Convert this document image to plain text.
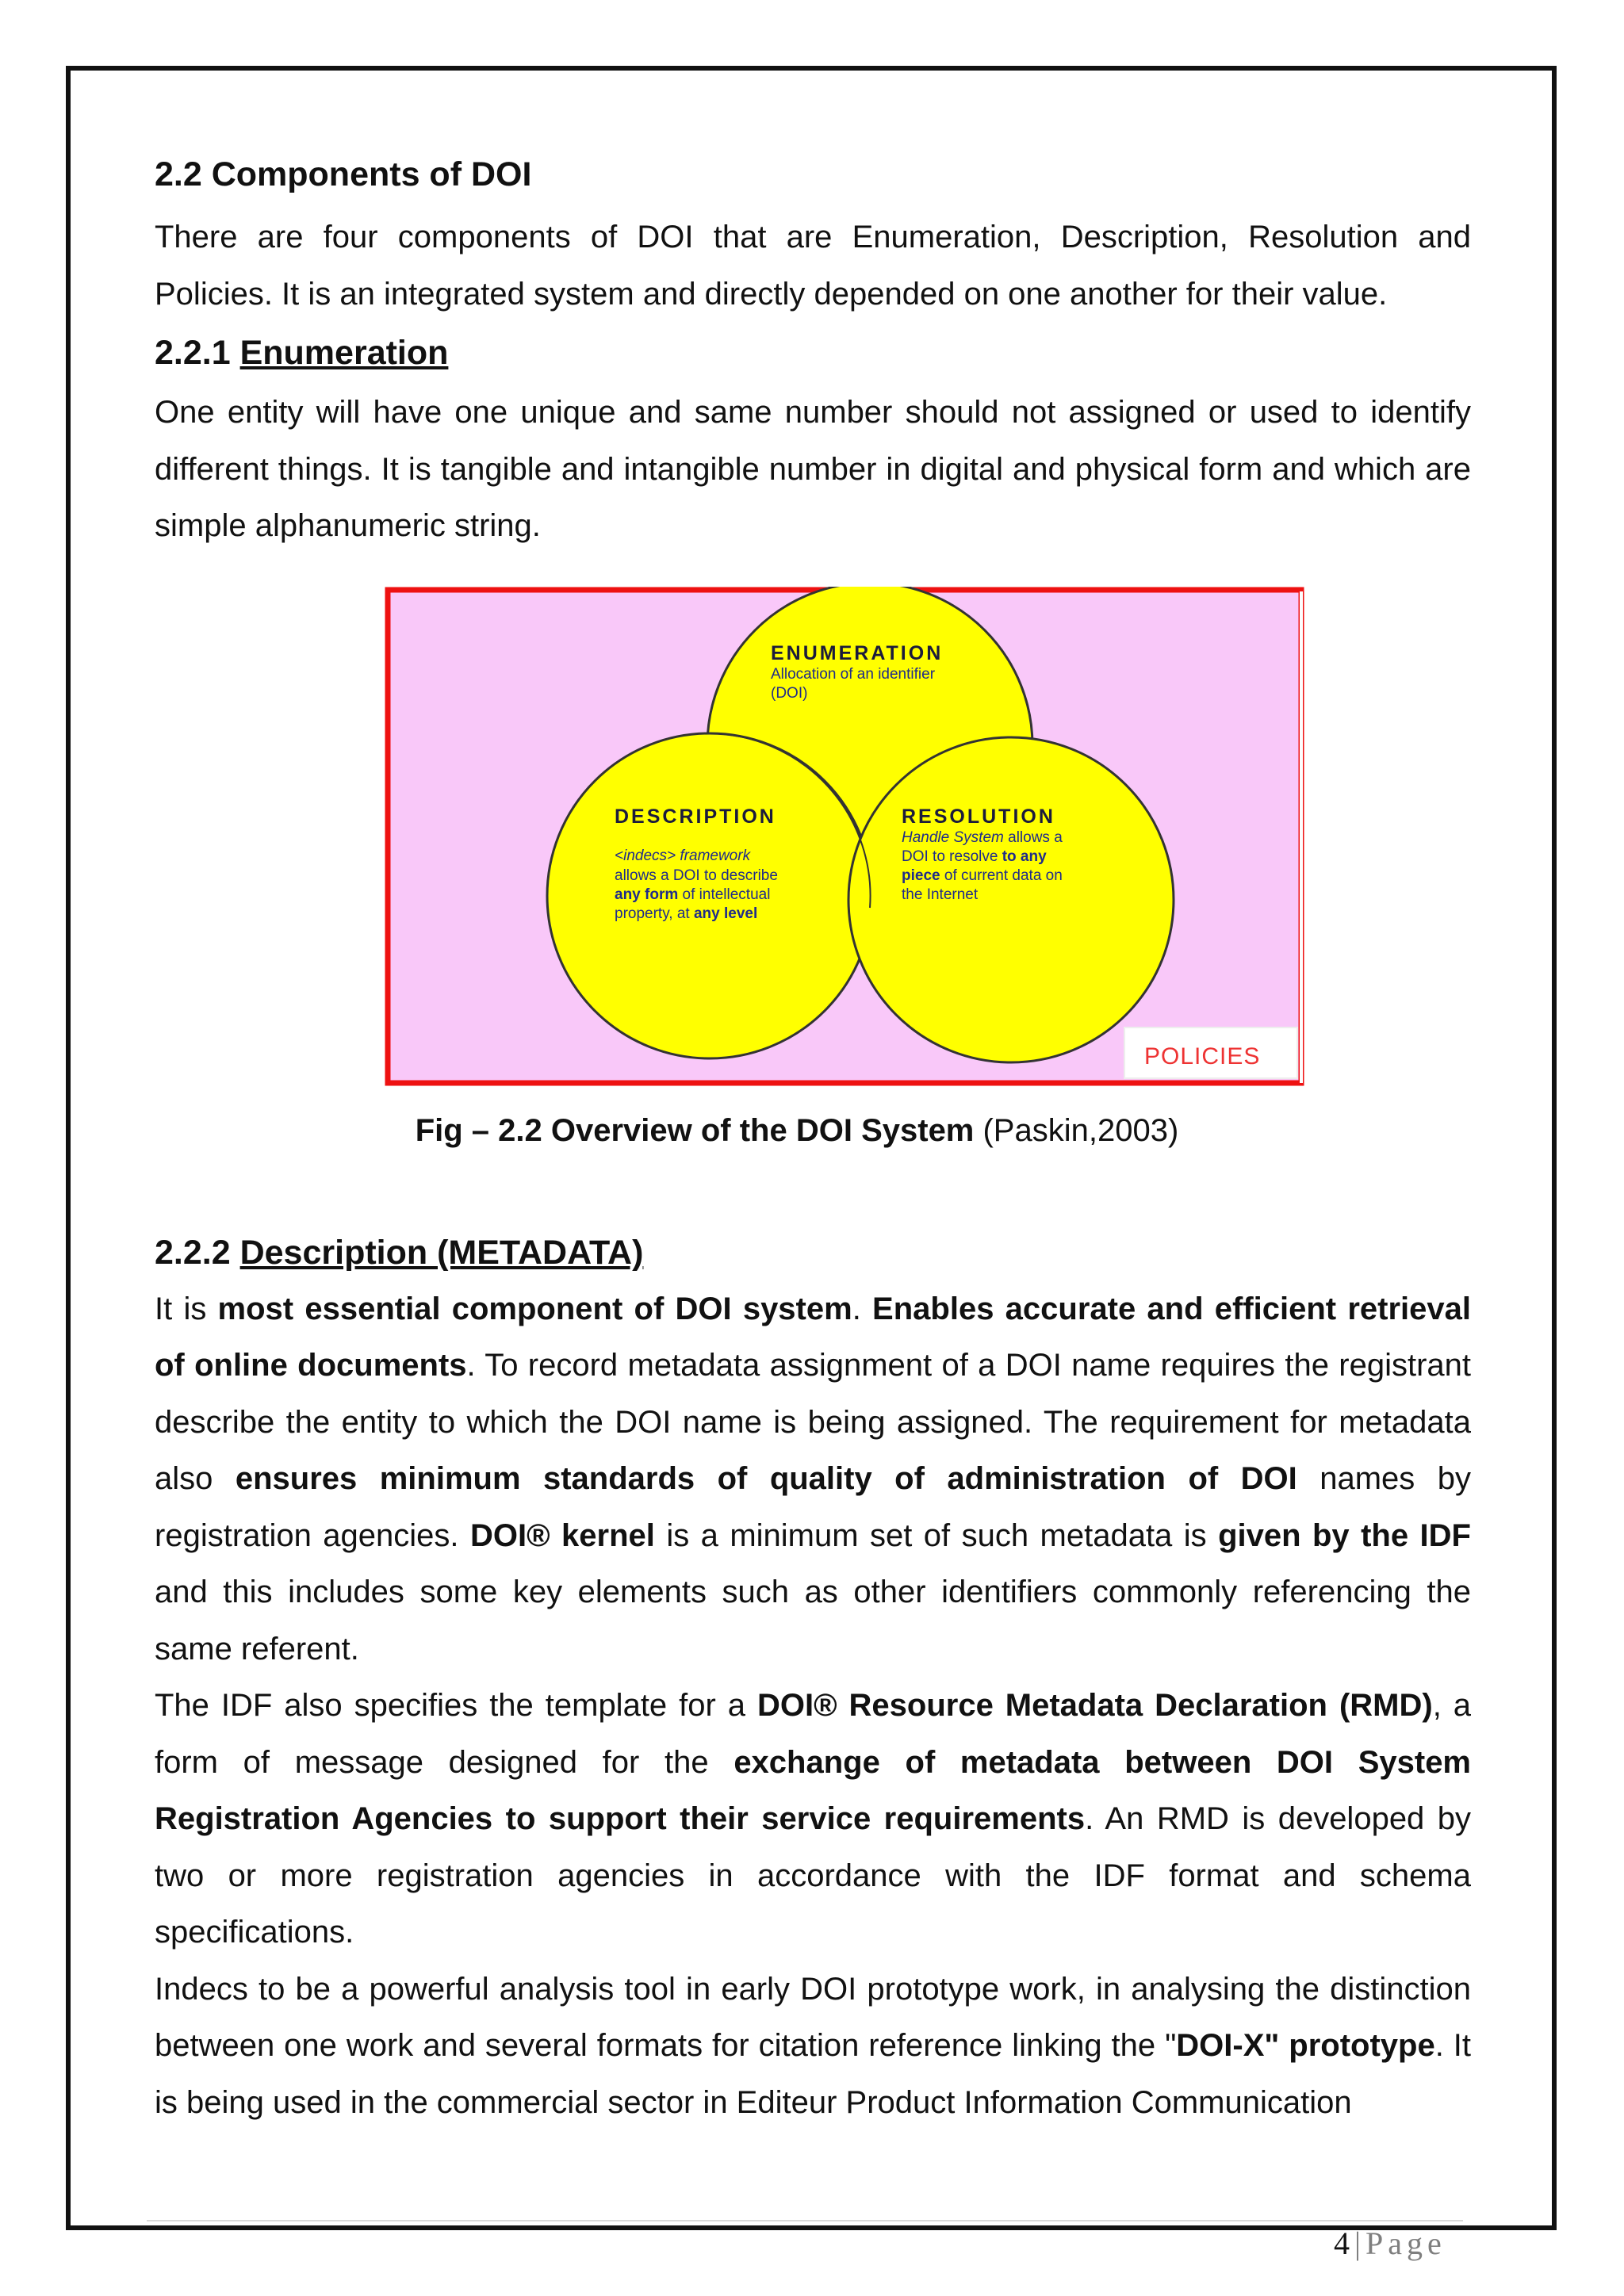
2.2 Components of DOI

There are four components of DOI that are Enumeration, Description, Resolution and Policies. It is an integrated system and directly depended on one another for their value.

2.2.1 Enumeration

One entity will have one unique and same number should not assigned or used to identify different things. It is tangible and intangible number in digital and physical form and which are simple alphanumeric string.

ENUMERATION
Allocation of an identifier
(DOI)
DESCRIPTION
<indecs> framework
allows a DOI to describe
any form of intellectual
property, at any level
RESOLUTION
Handle System allows a
DOI to resolve to any
piece of current data on
the Internet
POLICIES
Fig – 2.2 Overview of the DOI System (Paskin,2003)
2.2.2 Description (METADATA)

It is most essential component of DOI system. Enables accurate and efficient retrieval of online documents. To record metadata assignment of a DOI name requires the registrant describe the entity to which the DOI name is being assigned. The requirement for metadata also ensures minimum standards of quality of administration of DOI names by registration agencies. DOI® kernel is a minimum set of such metadata is given by the IDF and this includes some key elements such as other identifiers commonly referencing the same referent.

The IDF also specifies the template for a DOI® Resource Metadata Declaration (RMD), a form of message designed for the exchange of metadata between DOI System Registration Agencies to support their service requirements. An RMD is developed by two or more registration agencies in accordance with the IDF format and schema specifications.

Indecs to be a powerful analysis tool in early DOI prototype work, in analysing the distinction between one work and several formats for citation reference linking the "DOI-X" prototype. It is being used in the commercial sector in Editeur Product Information Communication

4|Page
